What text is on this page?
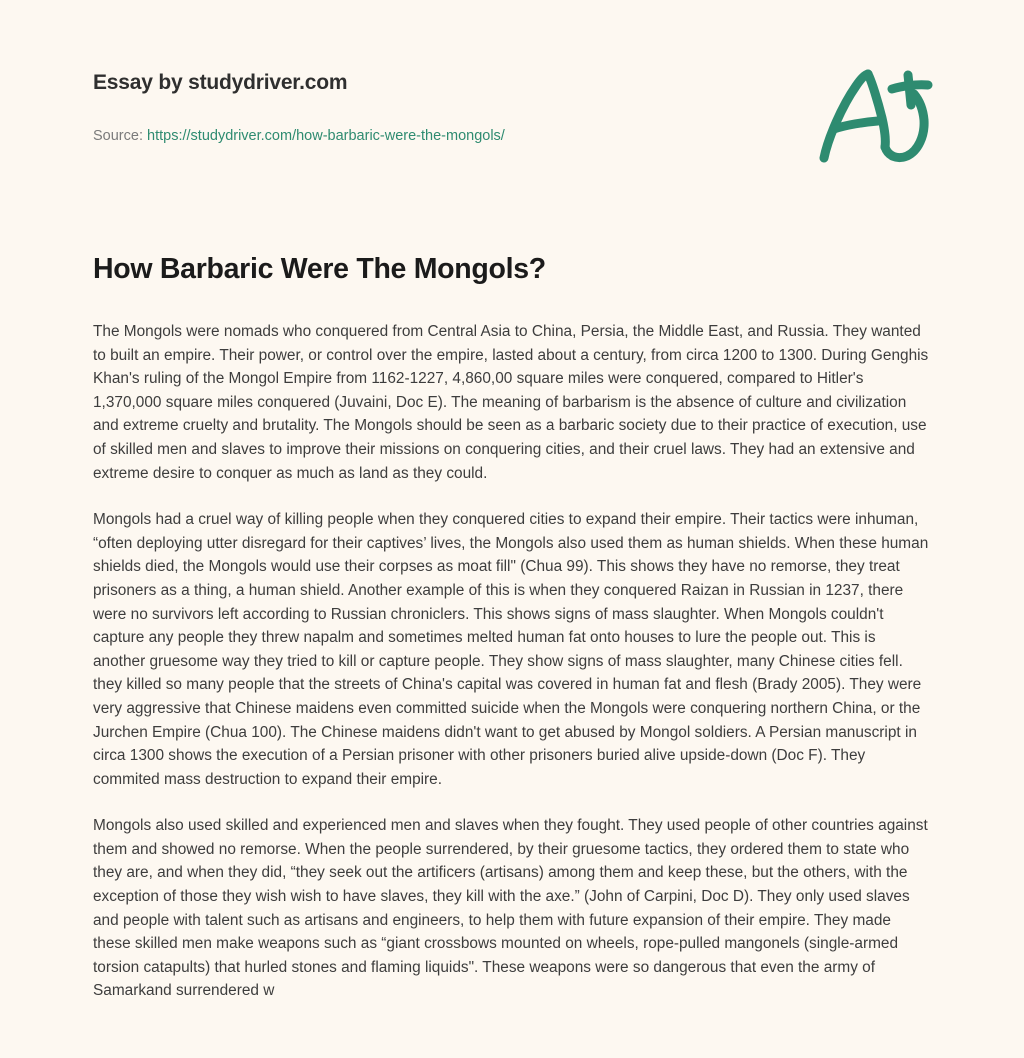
Essay by studydriver.com
Source: https://studydriver.com/how-barbaric-were-the-mongols/
How Barbaric Were The Mongols?

The Mongols were nomads who conquered from Central Asia to China, Persia, the Middle East, and Russia. They wanted to built an empire. Their power, or control over the empire, lasted about a century, from circa 1200 to 1300. During Genghis Khan's ruling of the Mongol Empire from 1162-1227, 4,860,00 square miles were conquered, compared to Hitler's 1,370,000 square miles conquered (Juvaini, Doc E). The meaning of barbarism is the absence of culture and civilization and extreme cruelty and brutality. The Mongols should be seen as a barbaric society due to their practice of execution, use of skilled men and slaves to improve their missions on conquering cities, and their cruel laws. They had an extensive and extreme desire to conquer as much as land as they could.

Mongols had a cruel way of killing people when they conquered cities to expand their empire. Their tactics were inhuman, “often deploying utter disregard for their captives’ lives, the Mongols also used them as human shields. When these human shields died, the Mongols would use their corpses as moat fill" (Chua 99). This shows they have no remorse, they treat prisoners as a thing, a human shield. Another example of this is when they conquered Raizan in Russian in 1237, there were no survivors left according to Russian chroniclers. This shows signs of mass slaughter. When Mongols couldn't capture any people they threw napalm and sometimes melted human fat onto houses to lure the people out. This is another gruesome way they tried to kill or capture people. They show signs of mass slaughter, many Chinese cities fell. they killed so many people that the streets of China's capital was covered in human fat and flesh (Brady 2005). They were very aggressive that Chinese maidens even committed suicide when the Mongols were conquering northern China, or the Jurchen Empire (Chua 100). The Chinese maidens didn't want to get abused by Mongol soldiers. A Persian manuscript in circa 1300 shows the execution of a Persian prisoner with other prisoners buried alive upside-down (Doc F). They commited mass destruction to expand their empire.

Mongols also used skilled and experienced men and slaves when they fought. They used people of other countries against them and showed no remorse. When the people surrendered, by their gruesome tactics, they ordered them to state who they are, and when they did, “they seek out the artificers (artisans) among them and keep these, but the others, with the exception of those they wish wish to have slaves, they kill with the axe.” (John of Carpini, Doc D). They only used slaves and people with talent such as artisans and engineers, to help them with future expansion of their empire. They made these skilled men make weapons such as “giant crossbows mounted on wheels, rope-pulled mangonels (single-armed torsion catapults) that hurled stones and flaming liquids". These weapons were so dangerous that even the army of Samarkand surrendered w
